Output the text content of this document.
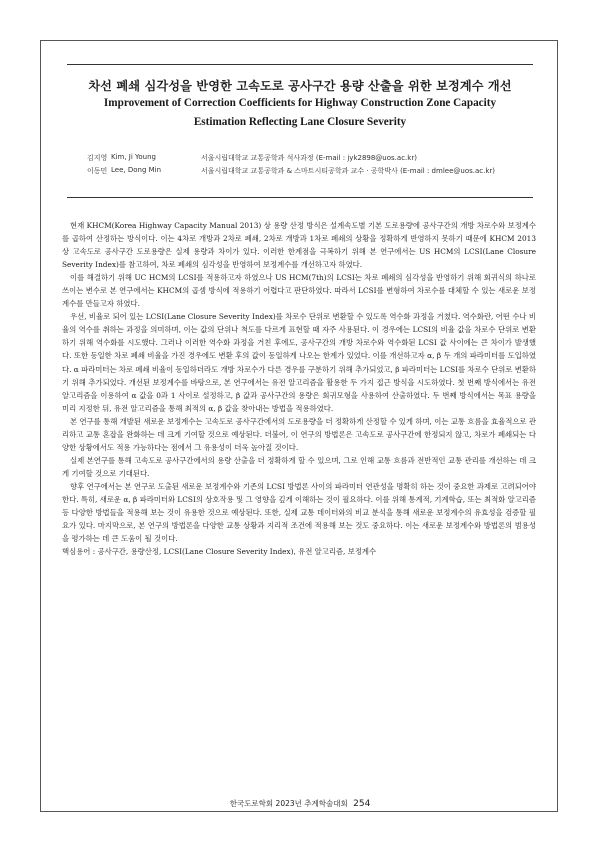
차선 폐쇄 심각성을 반영한 고속도로 공사구간 용량 산출을 위한 보정계수 개선
Improvement of Correction Coefficients for Highway Construction Zone Capacity
Estimation Reflecting Lane Closure Severity
김지영 Kim, Ji Young	서울시립대학교 교통공학과 석사과정 (E-mail : jyk2898@uos.ac.kr)
이동민 Lee, Dong Min	서울시립대학교 교통공학과 & 스마트시티공학과 교수 · 공학박사 (E-mail : dmlee@uos.ac.kr)

현재 KHCM(Korea Highway Capacity Manual 2013) 상 용량 산정 방식은 설계속도별 기본 도로용량에 공사구간의 개방 차로수와 보정계수를 곱하여 산정하는 방식이다. 이는 4차로 개방과 2차로 폐쇄, 2차로 개방과 1차로 폐쇄의 상황을 정확하게 반영하지 못하기 때문에 KHCM 2013 상 고속도로 공사구간 도로용량은 실제 용량과 차이가 있다. 이러한 한계점을 극복하기 위해 본 연구에서는 US HCM의 LCSI(Lane Closure Severity Index)를 참고하여, 차로 폐쇄의 심각성을 반영하여 보정계수를 개선하고자 하였다.

이를 해결하기 위해 UC HCM의 LCSI를 적용하고자 하였으나 US HCM(7th)의 LCSI는 차로 폐쇄의 심각성을 반영하기 위해 회귀식의 하나로 쓰이는 변수로 본 연구에서는 KHCM의 곱셈 방식에 적용하기 어렵다고 판단하였다. 따라서 LCSI를 변형하여 차로수를 대체할 수 있는 새로운 보정계수를 만들고자 하였다.

우선, 비율로 되어 있는 LCSI(Lane Closure Severity Index)를 차로수 단위로 변환할 수 있도록 역수화 과정을 거쳤다. 역수화란, 어떤 수나 비율의 역수를 취하는 과정을 의미하며, 이는 값의 단위나 척도를 다르게 표현할 때 자주 사용된다. 이 경우에는 LCSI의 비율 값을 차로수 단위로 변환하기 위해 역수화를 시도했다. 그러나 이러한 역수화 과정을 거친 후에도, 공사구간의 개방 차로수와 역수화된 LCSI 값 사이에는 큰 차이가 발생했다. 또한 동일한 차로 폐쇄 비율을 가진 경우에도 변환 후의 값이 동일하게 나오는 한계가 있었다. 이를 개선하고자 α, β 두 개의 파라미터를 도입하였다. α 파라미터는 차로 폐쇄 비율이 동일하더라도 개방 차로수가 다른 경우를 구분하기 위해 추가되었고, β 파라미터는 LCSI를 차로수 단위로 변환하기 위해 추가되었다. 개선된 보정계수를 바탕으로, 본 연구에서는 유전 알고리즘을 활용한 두 가지 접근 방식을 시도하였다. 첫 번째 방식에서는 유전 알고리즘을 이용하여 α 값을 0과 1 사이로 설정하고, β 값과 공사구간의 용량은 회귀모형을 사용하여 산출하였다. 두 번째 방식에서는 목표 용량을 미리 지정한 뒤, 유전 알고리즘을 통해 최적의 α, β 값을 찾아내는 방법을 적용하였다.

본 연구를 통해 개발된 새로운 보정계수는 고속도로 공사구간에서의 도로용량을 더 정확하게 산정할 수 있게 하며, 이는 교통 흐름을 효율적으로 관리하고 교통 혼잡을 완화하는 데 크게 기여할 것으로 예상된다. 더불어, 이 연구의 방법론은 고속도로 공사구간에 한정되지 않고, 차로가 폐쇄되는 다양한 상황에서도 적용 가능하다는 점에서 그 유용성이 더욱 높아질 것이다.

실제 본연구를 통해 고속도로 공사구간에서의 용량 산출을 더 정확하게 할 수 있으며, 그로 인해 교통 흐름과 전반적인 교통 관리를 개선하는 데 크게 기여할 것으로 기대된다.

향후 연구에서는 본 연구로 도출된 새로운 보정계수와 기존의 LCSI 방법론 사이의 파라미터 연관성을 명확히 하는 것이 중요한 과제로 고려되어야 한다. 특히, 새로운 α, β 파라미터와 LCSI의 상호작용 및 그 영향을 깊게 이해하는 것이 필요하다. 이를 위해 통계적, 기계학습, 또는 최적화 알고리즘 등 다양한 방법들을 적용해 보는 것이 유용한 것으로 예상된다. 또한, 실제 교통 데이터와의 비교 분석을 통해 새로운 보정계수의 유효성을 검증할 필요가 있다. 마지막으로, 본 연구의 방법론을 다양한 교통 상황과 지리적 조건에 적용해 보는 것도 중요하다. 이는 새로운 보정계수와 방법론의 범용성을 평가하는 데 큰 도움이 될 것이다.

핵심용어 : 공사구간, 용량산정, LCSI(Lane Closure Severity Index), 유전 알고리즘, 보정계수

한국도로학회 2023년 추계학술대회 254
